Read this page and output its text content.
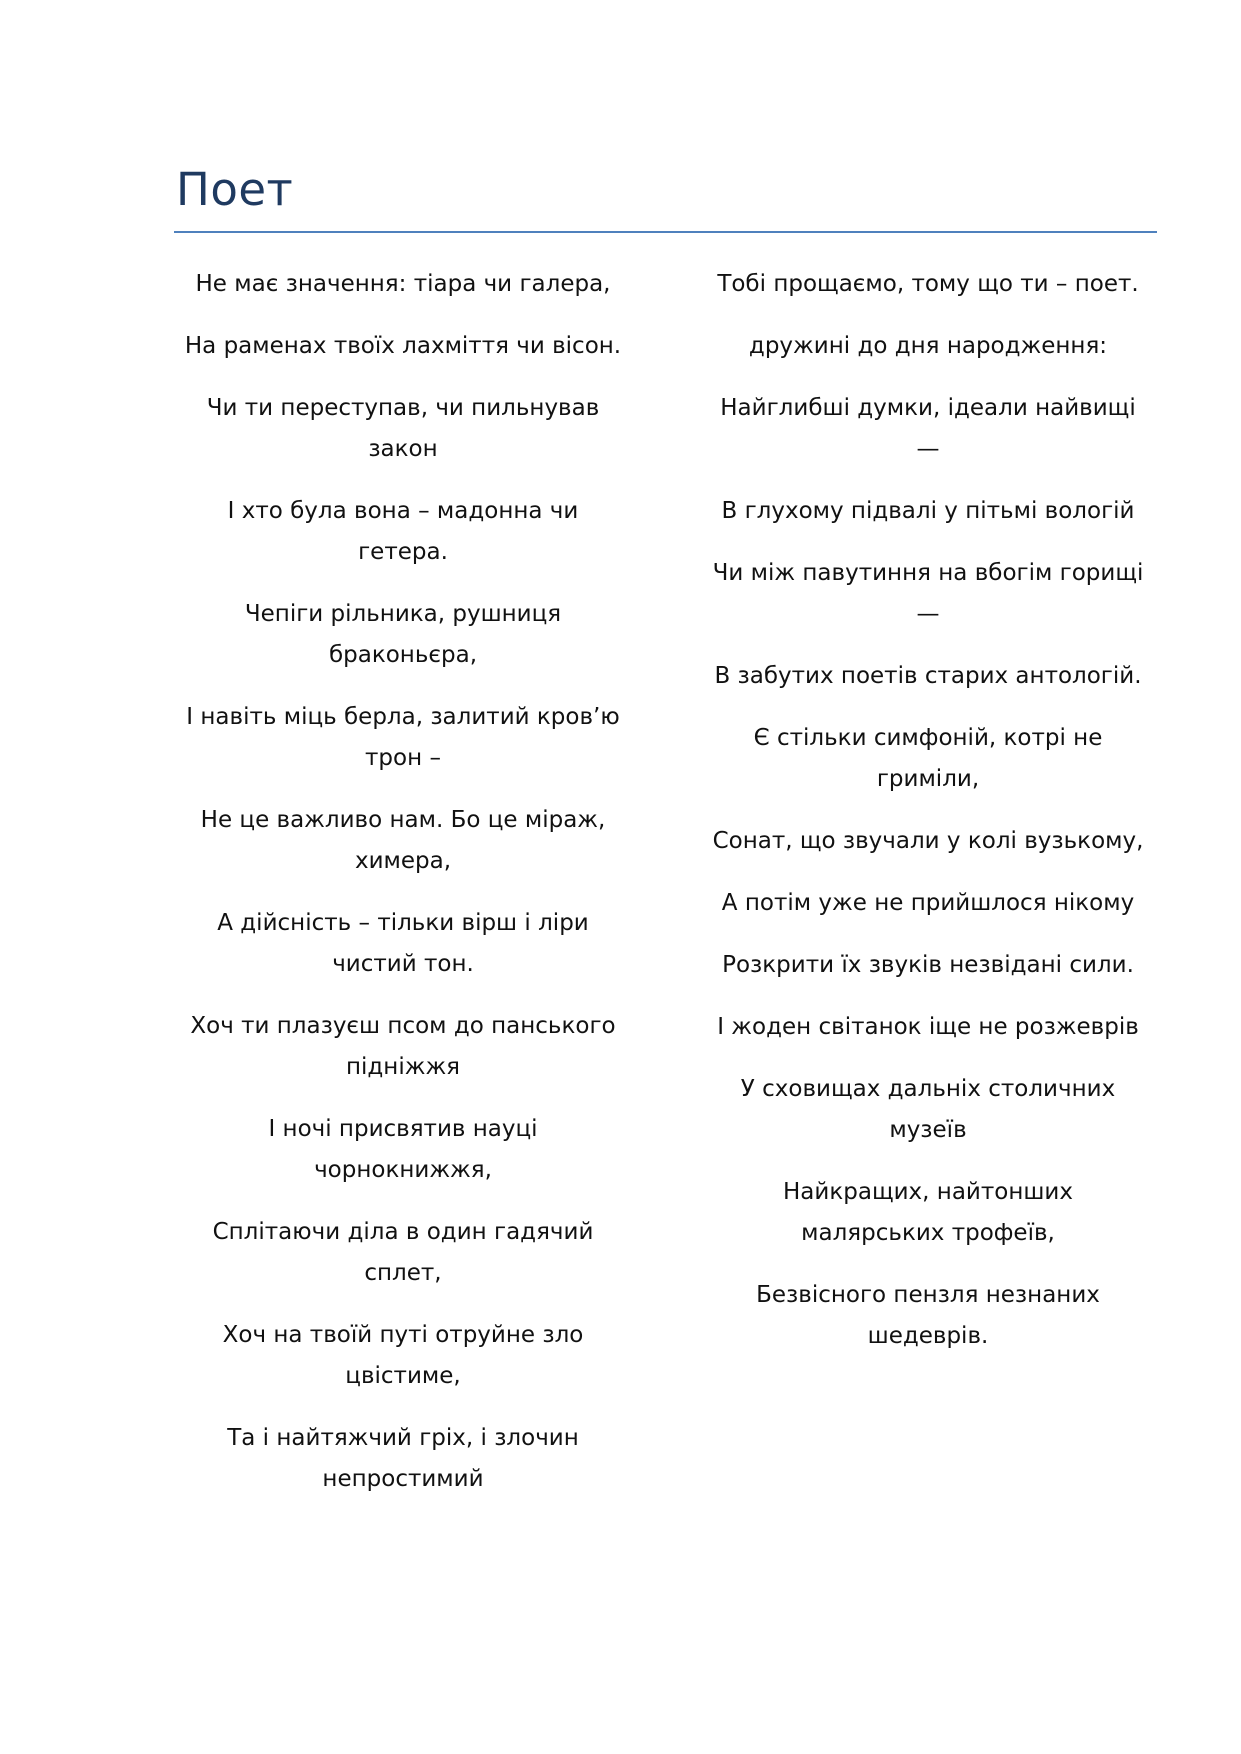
Поет

Не має значення: тіара чи галера,

На раменах твоїх лахміття чи вісон.

Чи ти переступав, чи пильнував закон

І хто була вона – мадонна чи гетера.

Чепіги рільника, рушниця браконьєра,

І навіть міць берла, залитий кров’ю трон –

Не це важливо нам. Бо це міраж, химера,

А дійсність – тільки вірш і ліри чистий тон.

Хоч ти плазуєш псом до панського підніжжя

І ночі присвятив науці чорнокнижжя,

Сплітаючи діла в один гадячий сплет,

Хоч на твоїй путі отруйне зло цвістиме,

Та і найтяжчий гріх, і злочин непростимий

Тобі прощаємо, тому що ти – поет.

дружині до дня народження:

Найглибші думки, ідеали найвищі —

В глухому підвалі у пітьмі вологій

Чи між павутиння на вбогім горищі —

В забутих поетів старих антологій.

Є стільки симфоній, котрі не гриміли,

Сонат, що звучали у колі вузькому,

А потім уже не прийшлося нікому

Розкрити їх звуків незвідані сили.

І жоден світанок іще не розжеврів

У сховищах дальніх столичних музеїв

Найкращих, найтонших малярських трофеїв,

Безвісного пензля незнаних шедеврів.
